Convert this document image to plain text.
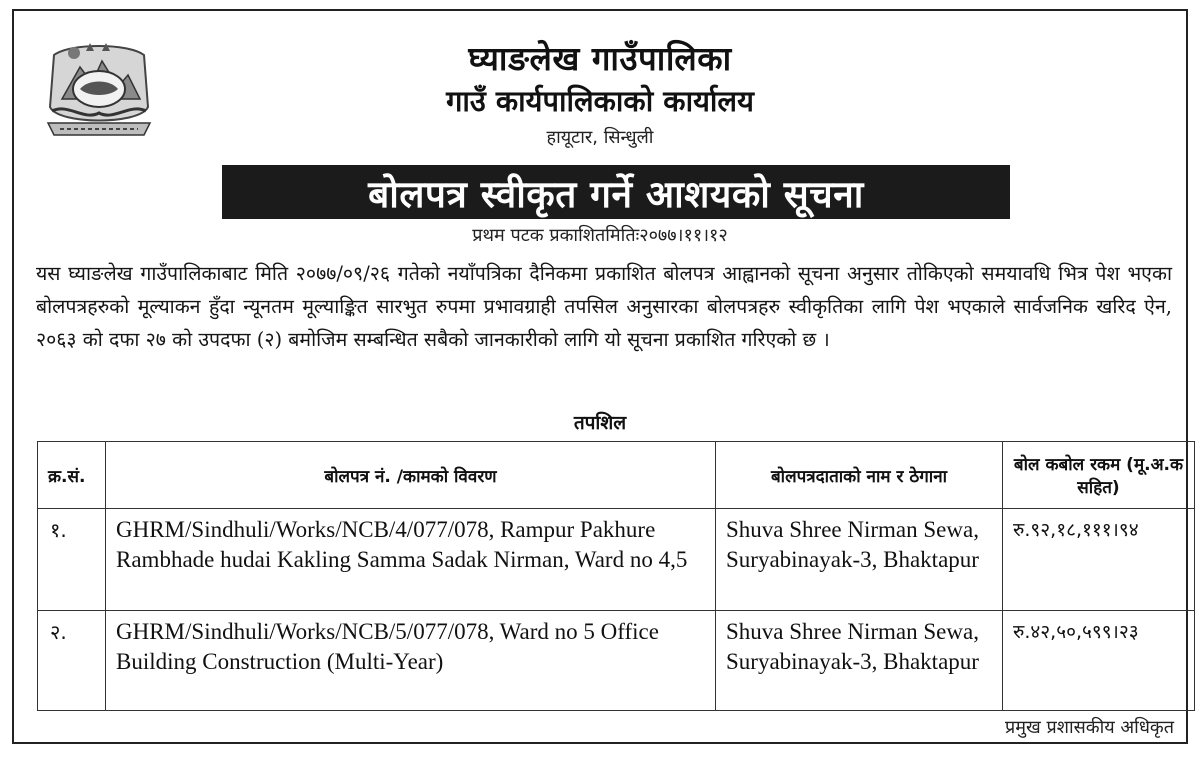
घ्याङलेख गाउँपालिका
गाउँ कार्यपालिकाको कार्यालय
हायूटार, सिन्धुली
बोलपत्र स्वीकृत गर्ने आशयको सूचना
प्रथम पटक प्रकाशितमितिः२०७७।११।१२
यस घ्याङलेख गाउँपालिकाबाट मिति २०७७/०९/२६ गतेको नयाँपत्रिका दैनिकमा प्रकाशित बोलपत्र आह्वानको सूचना अनुसार तोकिएको समयावधि भित्र पेश भएका बोलपत्रहरुको मूल्याकन हुँदा न्यूनतम मूल्याङ्कित सारभुत रुपमा प्रभावग्राही तपसिल अनुसारका बोलपत्रहरु स्वीकृतिका लागि पेश भएकाले सार्वजनिक खरिद ऐन, २०६३ को दफा २७ को उपदफा (२) बमोजिम सम्बन्धित सबैको जानकारीको लागि यो सूचना प्रकाशित गरिएको छ ।
तपशिल
क्र.सं.	बोलपत्र नं. /कामको विवरण	बोलपत्रदाताको नाम र ठेगाना	बोल कबोल रकम (मू.अ.क सहित)
१.	GHRM/Sindhuli/Works/NCB/4/077/078, Rampur Pakhure Rambhade hudai Kakling Samma Sadak Nirman, Ward no 4,5	Shuva Shree Nirman Sewa, Suryabinayak-3, Bhaktapur	रु.९२,१८,१११।९४
२.	GHRM/Sindhuli/Works/NCB/5/077/078, Ward no 5 Office Building Construction (Multi-Year)	Shuva Shree Nirman Sewa, Suryabinayak-3, Bhaktapur	रु.४२,५०,५९९।२३
प्रमुख प्रशासकीय अधिकृत
